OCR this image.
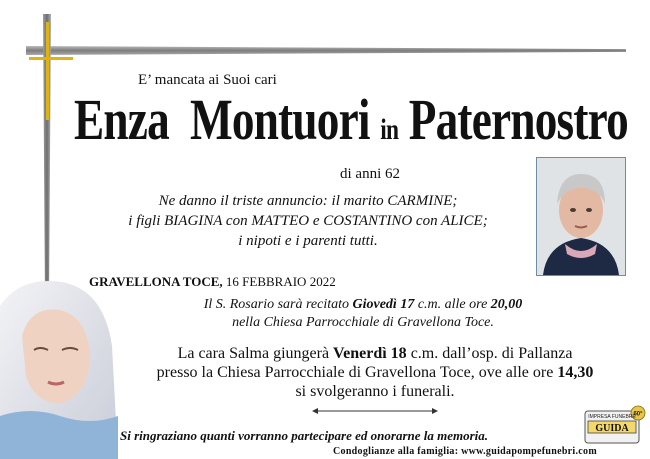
E’ mancata ai Suoi cari
Enza Montuori in Paternostro
di anni 62
Ne danno il triste annuncio: il marito CARMINE;
i figli BIAGINA con MATTEO e COSTANTINO con ALICE;
i nipoti e i parenti tutti.
GRAVELLONA TOCE, 16 FEBBRAIO 2022
Il S. Rosario sarà recitato Giovedì 17 c.m. alle ore 20,00
nella Chiesa Parrocchiale di Gravellona Toce.
La cara Salma giungerà Venerdì 18 c.m. dall’osp. di Pallanza
presso la Chiesa Parrocchiale di Gravellona Toce, ove alle ore 14,30
si svolgeranno i funerali.
Si ringraziano quanti vorranno partecipare ed onorarne la memoria.
Condoglianze alla famiglia: www.guidapompefunebri.com
IMPRESA FUNEBRE
GUIDA
60°
